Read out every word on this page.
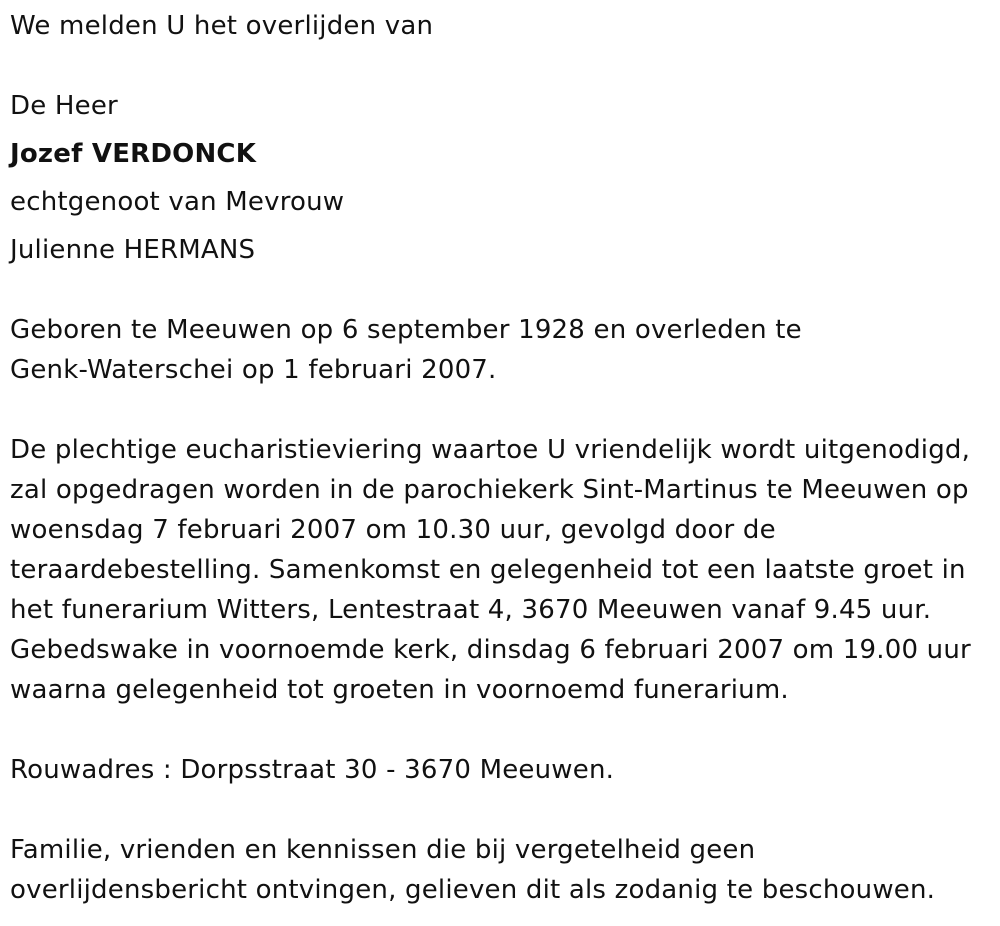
We melden U het overlijden van
De Heer
Jozef VERDONCK
echtgenoot van Mevrouw
Julienne HERMANS
Geboren te Meeuwen op 6 september 1928 en overleden te
Genk-Waterschei op 1 februari 2007.
De plechtige eucharistieviering waartoe U vriendelijk wordt uitgenodigd,
zal opgedragen worden in de parochiekerk Sint-Martinus te Meeuwen op
woensdag 7 februari 2007 om 10.30 uur, gevolgd door de
teraardebestelling. Samenkomst en gelegenheid tot een laatste groet in
het funerarium Witters, Lentestraat 4, 3670 Meeuwen vanaf 9.45 uur.
Gebedswake in voornoemde kerk, dinsdag 6 februari 2007 om 19.00 uur
waarna gelegenheid tot groeten in voornoemd funerarium.
Rouwadres : Dorpsstraat 30 - 3670 Meeuwen.
Familie, vrienden en kennissen die bij vergetelheid geen
overlijdensbericht ontvingen, gelieven dit als zodanig te beschouwen.
